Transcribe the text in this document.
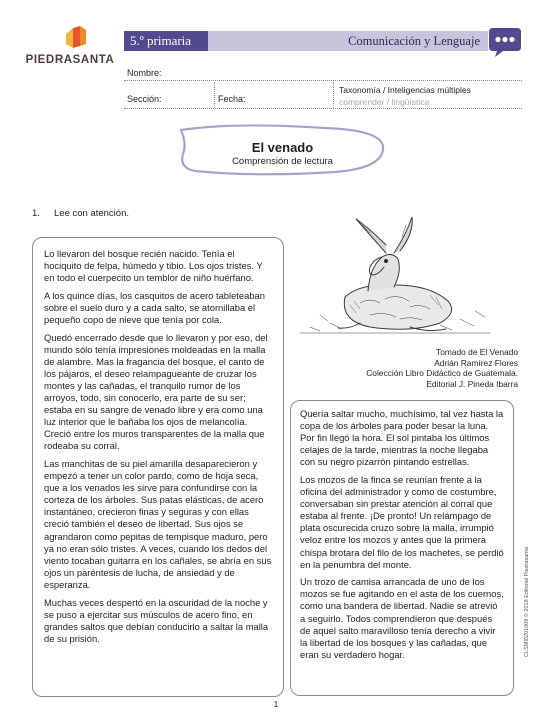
PIEDRASANTA
5.º primaria	Comunicación y Lenguaje
Nombre:
Sección:	Fecha:
Taxonomía / Inteligencias múltiples
comprender / lingüística
El venado
Comprensión de lectura
1. Lee con atención.

Lo llevaron del bosque recién nacido. Tenía el hociquito de felpa, húmedo y tibio. Los ojos tristes. Y en todo el cuerpecito un temblor de niño huérfano.

A los quince días, los casquitos de acero tableteaban sobre el suelo duro y a cada salto, se atornillaba el pequeño copo de nieve que tenía por cola.

Quedó encerrado desde que lo llevaron y por eso, del mundo sólo tenía impresiones moldeadas en la malla de alambre. Mas la fragancia del bosque, el canto de los pájaros, el deseo relampagueante de cruzar los montes y las cañadas, el tranquilo rumor de los arroyos, todo, sin conocerlo, era parte de su ser; estaba en su sangre de venado libre y era como una luz interior que le bañaba los ojos de melancolía. Creció entre los muros transparentes de la malla que rodeaba su corral.

Las manchitas de su piel amarilla desaparecieron y empezó a tener un color pardo, como de hoja seca, que a los venados les sirve para confundirse con la corteza de los árboles. Sus patas elásticas, de acero instantáneo, crecieron finas y seguras y con ellas creció también el deseo de libertad. Sus ojos se agrandaron como pepitas de tempisque maduro, pero ya no eran sólo tristes. A veces, cuando los dedos del viento tocaban guitarra en los cañales, se abría en sus ojos un paréntesis de lucha, de ansiedad y de esperanza.

Muchas veces despertó en la oscuridad de la noche y se puso a ejercitar sus músculos de acero fino, en grandes saltos que debían conducirlo a saltar la malla de su prisión.

Tomado de El Venado
Adrián Ramírez Flores
Colección Libro Didáctico de Guatemala.
Editorial J. Pineda Ibarra

Quería saltar mucho, muchísimo, tal vez hasta la copa de los árboles para poder besar la luna. Por fin llegó la hora. El sol pintaba los últimos celajes de la tarde, mientras la noche llegaba con su negro pizarrón pintando estrellas.

Los mozos de la finca se reunían frente a la oficina del administrador y como de costumbre, conversaban sin prestar atención al corral que estaba al frente. ¡De pronto! Un relámpago de plata oscurecida cruzo sobre la malla, irrumpió veloz entre los mozos y antes que la primera chispa brotara del filo de los machetes, se perdió en la penumbra del monte.

Un trozo de camisa arrancada de uno de los mozos se fue agitando en el asta de los cuernos, como una bandera de libertad. Nadie se atrevió a seguirlo. Todos comprendieron que después de aquel salto maravilloso tenía derecho a vivir la libertad de los bosques y las cañadas, que eran su verdadero hogar.	CLSMI0201009 © 2018 Editorial Piedrasanta
1
